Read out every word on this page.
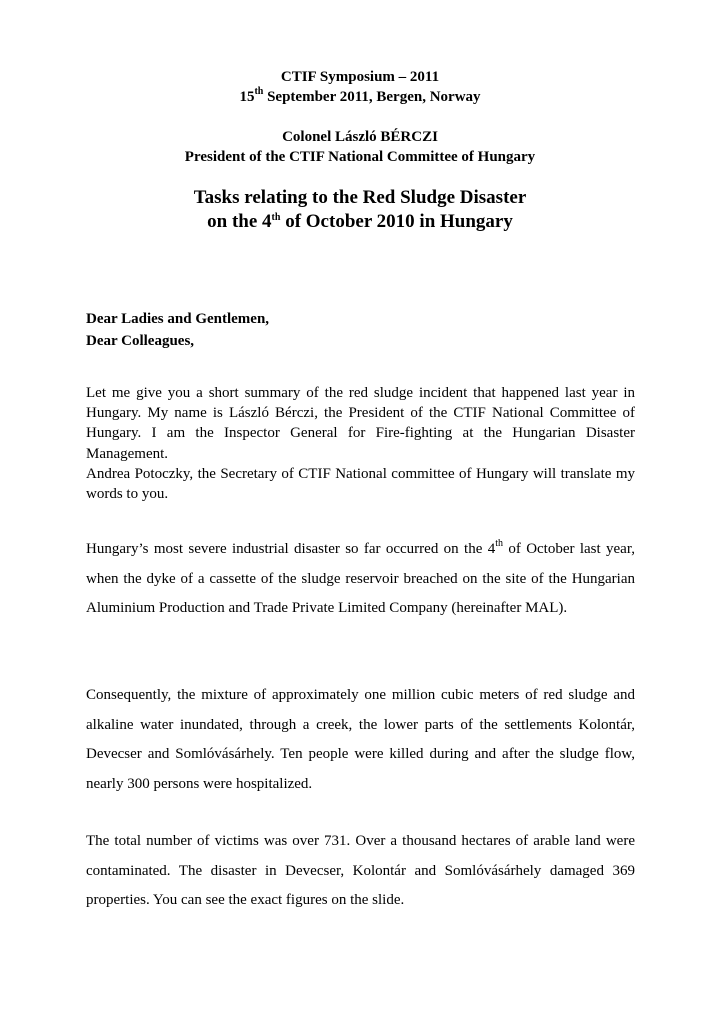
CTIF Symposium – 2011
15th September 2011, Bergen, Norway
Colonel László BÉRCZI
President of the CTIF National Committee of Hungary
Tasks relating to the Red Sludge Disaster
on the 4th of October 2010 in Hungary
Dear Ladies and Gentlemen,
Dear Colleagues,

Let me give you a short summary of the red sludge incident that happened last year in Hungary. My name is László Bérczi, the President of the CTIF National Committee of Hungary. I am the Inspector General for Fire-fighting at the Hungarian Disaster Management.

Andrea Potoczky, the Secretary of CTIF National committee of Hungary will translate my words to you.

Hungary’s most severe industrial disaster so far occurred on the 4th of October last year, when the dyke of a cassette of the sludge reservoir breached on the site of the Hungarian Aluminium Production and Trade Private Limited Company (hereinafter MAL).

Consequently, the mixture of approximately one million cubic meters of red sludge and alkaline water inundated, through a creek, the lower parts of the settlements Kolontár, Devecser and Somlóvásárhely. Ten people were killed during and after the sludge flow, nearly 300 persons were hospitalized.

The total number of victims was over 731. Over a thousand hectares of arable land were contaminated. The disaster in Devecser, Kolontár and Somlóvásárhely damaged 369 properties. You can see the exact figures on the slide.
